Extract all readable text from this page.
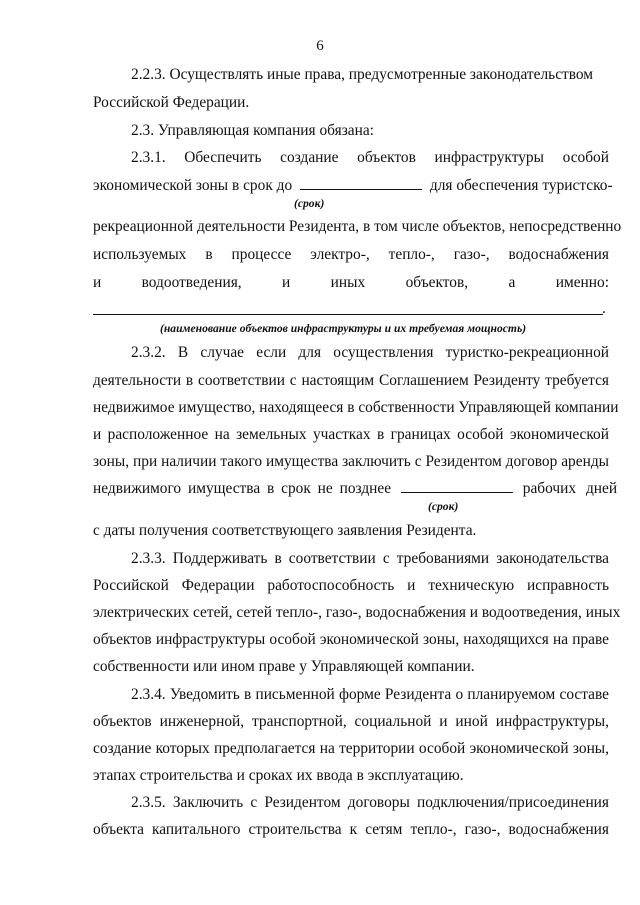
6
2.2.3. Осуществлять иные права, предусмотренные законодательством
Российской Федерации.
2.3. Управляющая компания обязана:
2.3.1. Обеспечить создание объектов инфраструктуры особой
экономической зоны в срок до	для обеспечения туристско-
(срок)
рекреационной деятельности Резидента, в том числе объектов, непосредственно
используемых в процессе электро-, тепло-, газо-, водоснабжения
и водоотведения, и иных объектов, а именно:
.
(наименование объектов инфраструктуры и их требуемая мощность)
2.3.2. В случае если для осуществления туристко-рекреационной
деятельности в соответствии с настоящим Соглашением Резиденту требуется
недвижимое имущество, находящееся в собственности Управляющей компании
и расположенное на земельных участках в границах особой экономической
зоны, при наличии такого имущества заключить с Резидентом договор аренды
недвижимого имущества в срок не позднее	рабочих дней
(срок)
с даты получения соответствующего заявления Резидента.
2.3.3. Поддерживать в соответствии с требованиями законодательства
Российской Федерации работоспособность и техническую исправность
электрических сетей, сетей тепло-, газо-, водоснабжения и водоотведения, иных
объектов инфраструктуры особой экономической зоны, находящихся на праве
собственности или ином праве у Управляющей компании.
2.3.4. Уведомить в письменной форме Резидента о планируемом составе
объектов инженерной, транспортной, социальной и иной инфраструктуры,
создание которых предполагается на территории особой экономической зоны,
этапах строительства и сроках их ввода в эксплуатацию.
2.3.5. Заключить с Резидентом договоры подключения/присоединения
объекта капитального строительства к сетям тепло-, газо-, водоснабжения
